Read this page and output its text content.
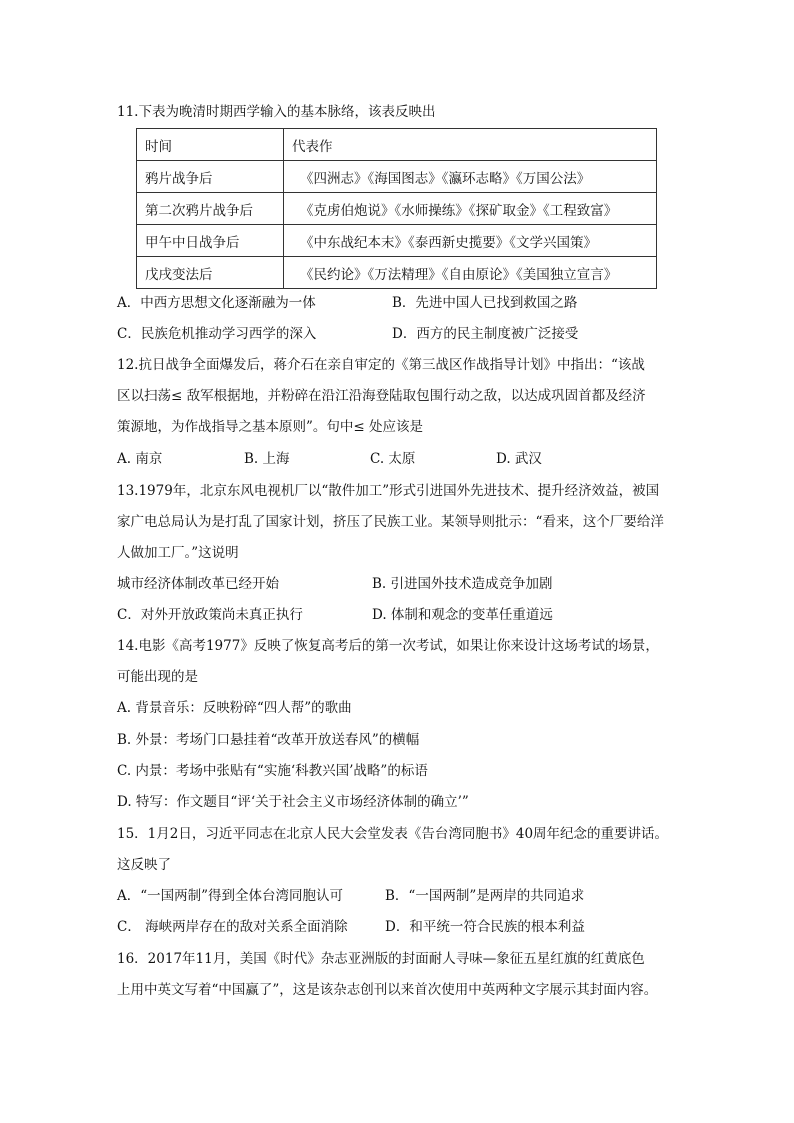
11.下表为晚清时期西学输入的基本脉络，该表反映出
时间	代表作
鸦片战争后	《四洲志》《海国图志》《瀛环志略》《万国公法》
第二次鸦片战争后	《克虏伯炮说》《水师操练》《探矿取金》《工程致富》
甲午中日战争后	《中东战纪本末》《泰西新史揽要》《文学兴国策》
戊戌变法后	《民约论》《万法精理》《自由原论》《美国独立宣言》
A．中西方思想文化逐渐融为一体	B．先进中国人已找到救国之路
C．民族危机推动学习西学的深入	D．西方的民主制度被广泛接受
12.抗日战争全面爆发后，蒋介石在亲自审定的《第三战区作战指导计划》中指出：“该战
区以扫荡≤ 敌军根据地，并粉碎在沿江沿海登陆取包围行动之敌，以达成巩固首都及经济
策源地，为作战指导之基本原则”。句中≤ 处应该是
A. 南京	B. 上海	C. 太原	D. 武汉
13.1979年，北京东风电视机厂以“散件加工”形式引进国外先进技术、提升经济效益，被国
家广电总局认为是打乱了国家计划，挤压了民族工业。某领导则批示：“看来，这个厂要给洋
人做加工厂。”这说明
城市经济体制改革已经开始	B. 引进国外技术造成竞争加剧
C．对外开放政策尚未真正执行	D. 体制和观念的变革任重道远
14.电影《高考1977》反映了恢复高考后的第一次考试，如果让你来设计这场考试的场景，
可能出现的是
A. 背景音乐：反映粉碎“四人帮”的歌曲
B. 外景：考场门口悬挂着“改革开放送春风”的横幅
C. 内景：考场中张贴有“实施‘科教兴国’战略”的标语
D. 特写：作文题目“评‘关于社会主义市场经济体制的确立’”
15．1月2日，习近平同志在北京人民大会堂发表《告台湾同胞书》40周年纪念的重要讲话。
这反映了
A．“一国两制”得到全体台湾同胞认可	B．“一国两制”是两岸的共同追求
C． 海峡两岸存在的敌对关系全面消除	D．和平统一符合民族的根本利益
16．2017年11月，美国《时代》杂志亚洲版的封面耐人寻味—象征五星红旗的红黄底色
上用中英文写着“中国赢了”，这是该杂志创刊以来首次使用中英两种文字展示其封面内容。
